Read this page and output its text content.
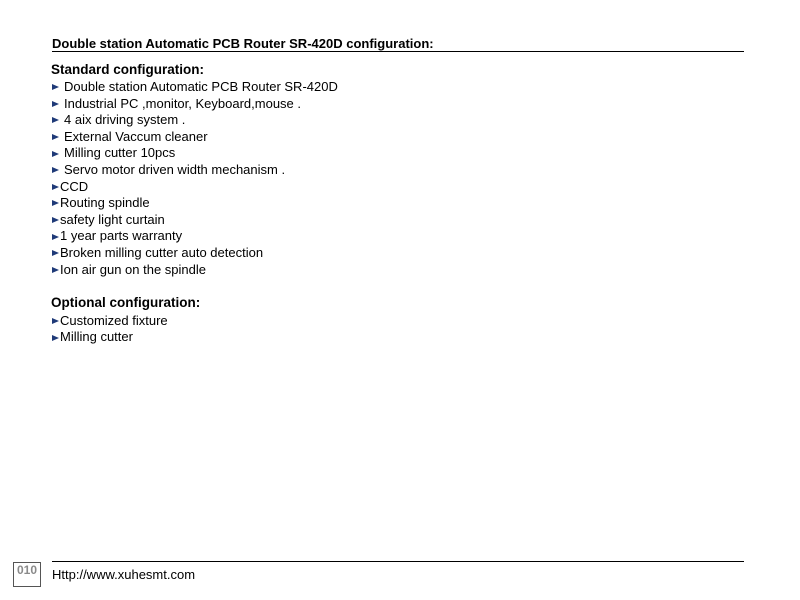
Double station Automatic PCB Router SR-420D configuration:
Standard configuration:
Double station Automatic PCB Router SR-420D
Industrial PC ,monitor, Keyboard,mouse .
4 aix driving system .
External Vaccum cleaner
Milling cutter 10pcs
Servo motor driven width mechanism .
CCD
Routing spindle
safety light curtain
1 year parts warranty
Broken milling cutter auto detection
Ion air gun on the spindle
Optional configuration:
Customized fixture
Milling cutter
010	Http://www.xuhesmt.com
